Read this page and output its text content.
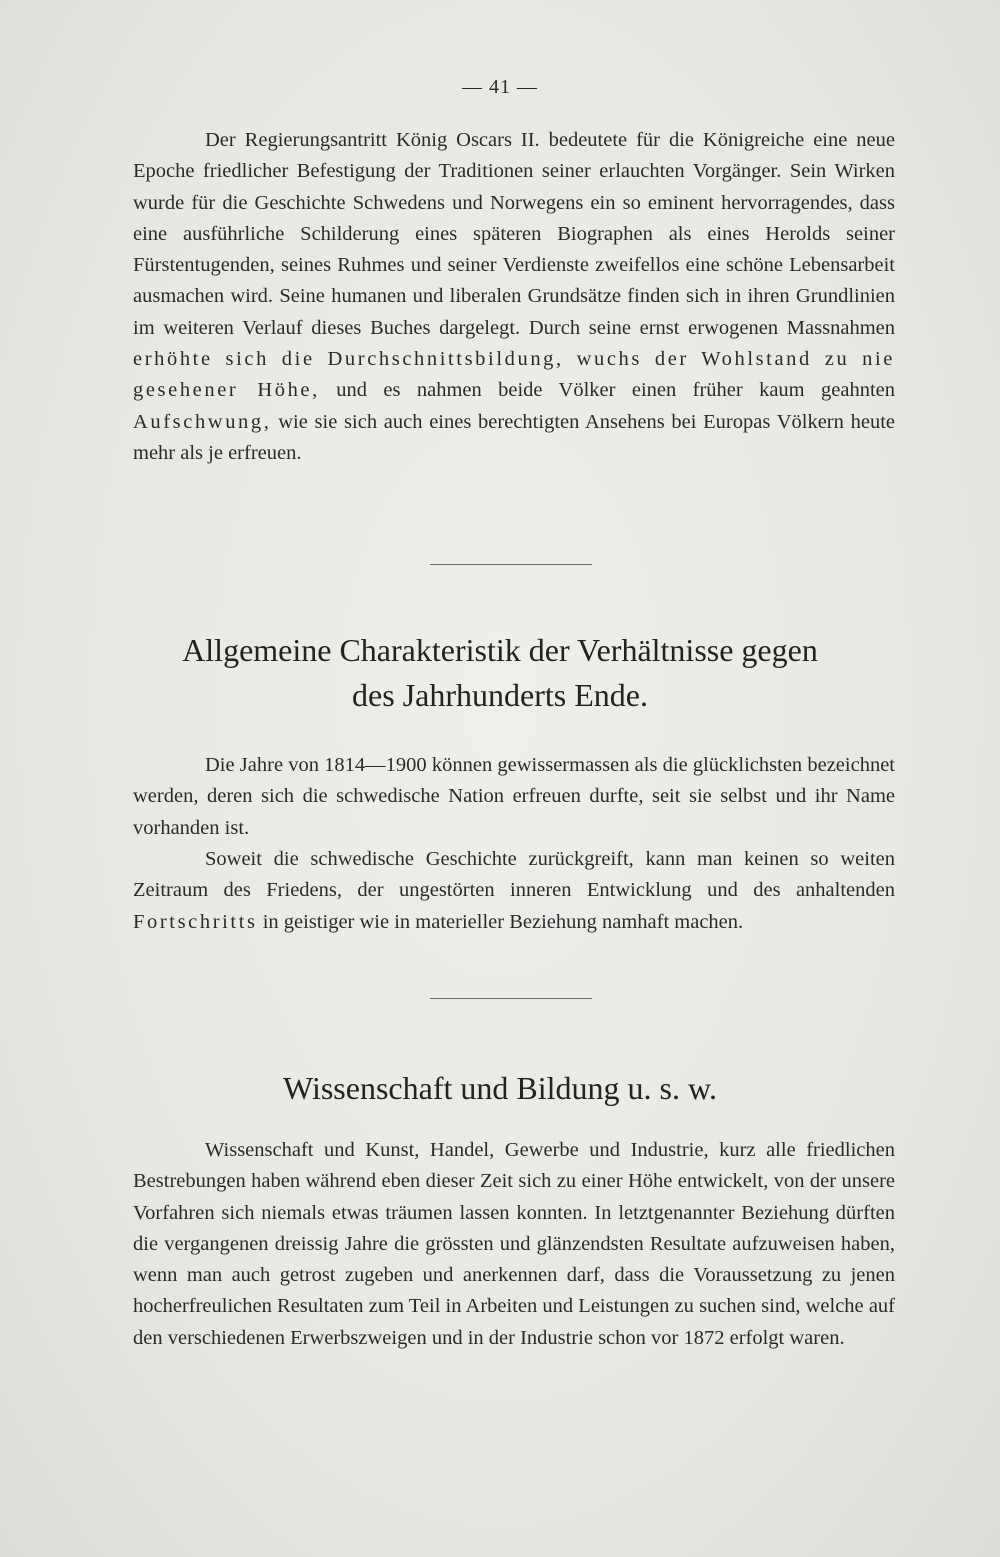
— 41 —

Der Regierungsantritt König Oscars II. bedeutete für die Königreiche eine neue Epoche friedlicher Befestigung der Traditionen seiner erlauchten Vorgänger. Sein Wirken wurde für die Geschichte Schwedens und Norwegens ein so eminent hervorragendes, dass eine ausführliche Schilderung eines späteren Biographen als eines Herolds seiner Fürstentugenden, seines Ruhmes und seiner Verdienste zweifellos eine schöne Lebensarbeit ausmachen wird. Seine humanen und liberalen Grundsätze finden sich in ihren Grundlinien im weiteren Verlauf dieses Buches dargelegt. Durch seine ernst erwogenen Massnahmen erhöhte sich die Durchschnittsbildung, wuchs der Wohlstand zu nie gesehener Höhe, und es nahmen beide Völker einen früher kaum geahnten Aufschwung, wie sie sich auch eines berechtigten Ansehens bei Europas Völkern heute mehr als je erfreuen.

Allgemeine Charakteristik der Verhältnisse gegen
des Jahrhunderts Ende.

Die Jahre von 1814—1900 können gewissermassen als die glücklichsten bezeichnet werden, deren sich die schwedische Nation erfreuen durfte, seit sie selbst und ihr Name vorhanden ist.

Soweit die schwedische Geschichte zurückgreift, kann man keinen so weiten Zeitraum des Friedens, der ungestörten inneren Entwicklung und des anhaltenden Fortschritts in geistiger wie in materieller Beziehung namhaft machen.

Wissenschaft und Bildung u. s. w.

Wissenschaft und Kunst, Handel, Gewerbe und Industrie, kurz alle friedlichen Bestrebungen haben während eben dieser Zeit sich zu einer Höhe entwickelt, von der unsere Vorfahren sich niemals etwas träumen lassen konnten. In letztgenannter Beziehung dürften die vergangenen dreissig Jahre die grössten und glänzendsten Resultate aufzuweisen haben, wenn man auch getrost zugeben und anerkennen darf, dass die Voraussetzung zu jenen hocherfreulichen Resultaten zum Teil in Arbeiten und Leistungen zu suchen sind, welche auf den verschiedenen Erwerbszweigen und in der Industrie schon vor 1872 erfolgt waren.
